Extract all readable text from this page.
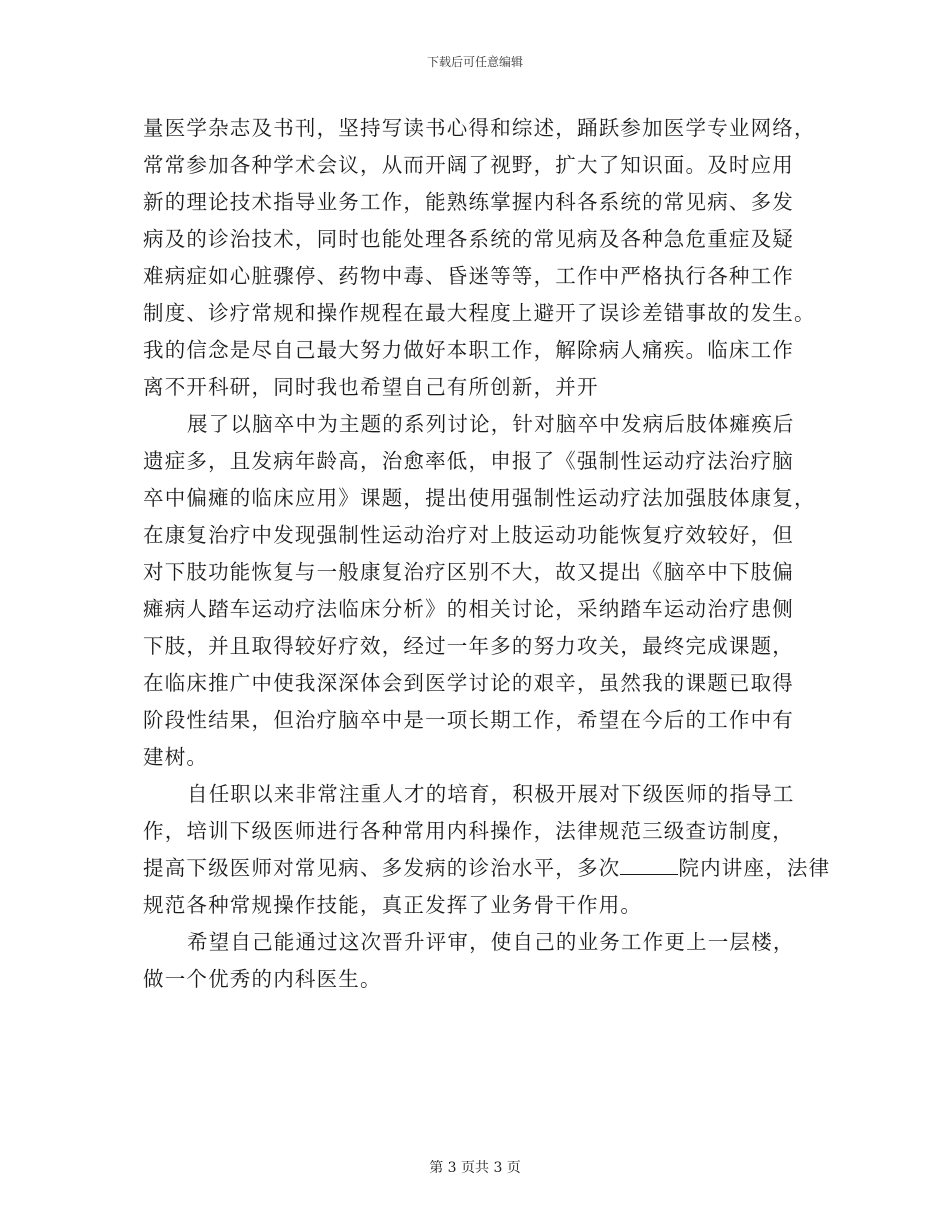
下载后可任意编辑
量医学杂志及书刊，坚持写读书心得和综述，踊跃参加医学专业网络，
常常参加各种学术会议，从而开阔了视野，扩大了知识面。及时应用
新的理论技术指导业务工作，能熟练掌握内科各系统的常见病、多发
病及的诊治技术，同时也能处理各系统的常见病及各种急危重症及疑
难病症如心脏骤停、药物中毒、昏迷等等，工作中严格执行各种工作
制度、诊疗常规和操作规程在最大程度上避开了误诊差错事故的发生。
我的信念是尽自己最大努力做好本职工作，解除病人痛疾。临床工作
离不开科研，同时我也希望自己有所创新，并开
展了以脑卒中为主题的系列讨论，针对脑卒中发病后肢体瘫痪后
遗症多，且发病年龄高，治愈率低，申报了《强制性运动疗法治疗脑
卒中偏瘫的临床应用》课题，提出使用强制性运动疗法加强肢体康复，
在康复治疗中发现强制性运动治疗对上肢运动功能恢复疗效较好，但
对下肢功能恢复与一般康复治疗区别不大，故又提出《脑卒中下肢偏
瘫病人踏车运动疗法临床分析》的相关讨论，采纳踏车运动治疗患侧
下肢，并且取得较好疗效，经过一年多的努力攻关，最终完成课题，
在临床推广中使我深深体会到医学讨论的艰辛，虽然我的课题已取得
阶段性结果，但治疗脑卒中是一项长期工作，希望在今后的工作中有
建树。
自任职以来非常注重人才的培育，积极开展对下级医师的指导工
作，培训下级医师进行各种常用内科操作，法律规范三级查访制度，
提高下级医师对常见病、多发病的诊治水平，多次	院内讲座，法律
规范各种常规操作技能，真正发挥了业务骨干作用。
希望自己能通过这次晋升评审，使自己的业务工作更上一层楼，
做一个优秀的内科医生。
第 3 页共 3 页
